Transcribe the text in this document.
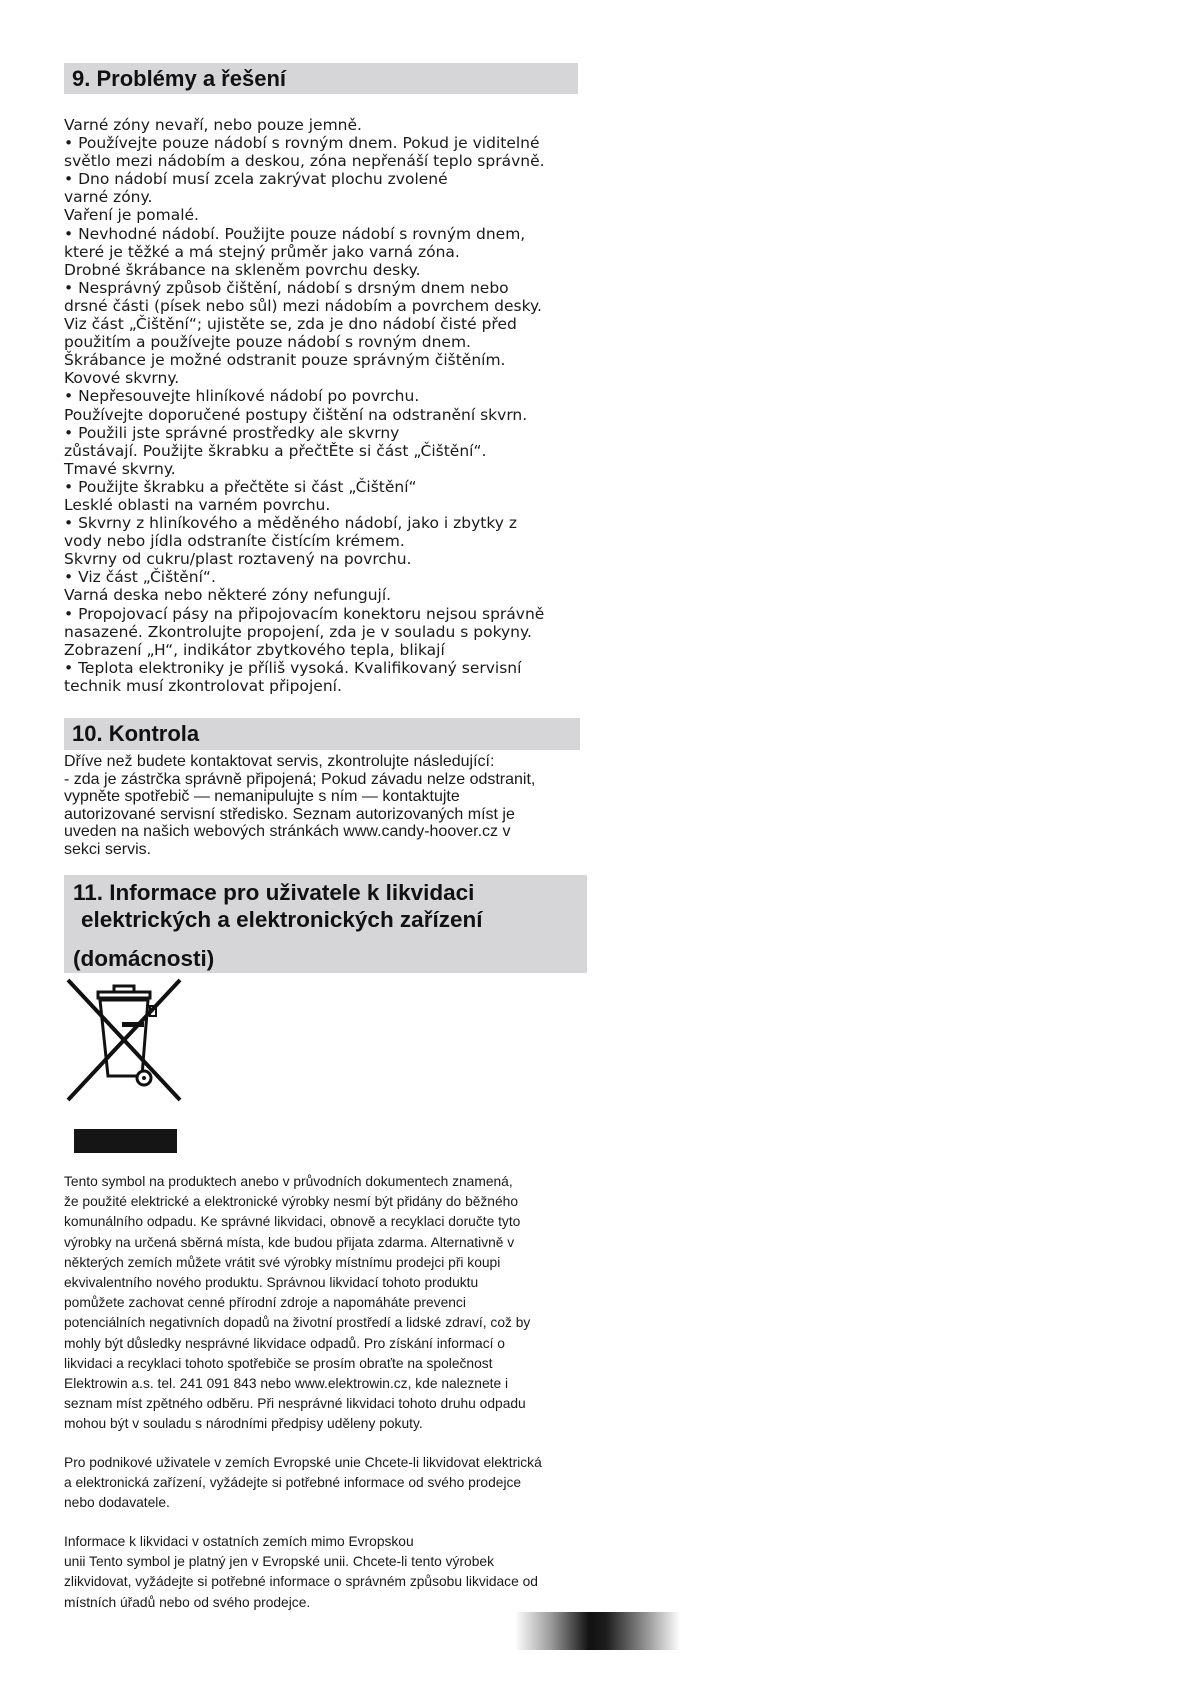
9. Problémy a řešení
Varné zóny nevaří, nebo pouze jemně.
• Používejte pouze nádobí s rovným dnem. Pokud je viditelné
světlo mezi nádobím a deskou, zóna nepřenáší teplo správně.
• Dno nádobí musí zcela zakrývat plochu zvolené
varné zóny.
Vaření je pomalé.
• Nevhodné nádobí. Použijte pouze nádobí s rovným dnem,
které je těžké a má stejný průměr jako varná zóna.
Drobné škrábance na skleněm povrchu desky.
• Nesprávný způsob čištění, nádobí s drsným dnem nebo
drsné části (písek nebo sůl) mezi nádobím a povrchem desky.
Viz část „Čištění“; ujistěte se, zda je dno nádobí čisté před
použitím a používejte pouze nádobí s rovným dnem.
Škrábance je možné odstranit pouze správným čištěním.
Kovové skvrny.
• Nepřesouvejte hliníkové nádobí po povrchu.
Používejte doporučené postupy čištění na odstranění skvrn.
• Použili jste správné prostředky ale skvrny
zůstávají. Použijte škrabku a přečtĚte si část „Čištění“.
Tmavé skvrny.
• Použijte škrabku a přečtěte si část „Čištění“
Lesklé oblasti na varném povrchu.
• Skvrny z hliníkového a měděného nádobí, jako i zbytky z
vody nebo jídla odstraníte čistícím krémem.
Skvrny od cukru/plast roztavený na povrchu.
• Viz část „Čištění“.
Varná deska nebo některé zóny nefungují.
• Propojovací pásy na připojovacím konektoru nejsou správně
nasazené. Zkontrolujte propojení, zda je v souladu s pokyny.
Zobrazení „H“, indikátor zbytkového tepla, blikají
• Teplota elektroniky je příliš vysoká. Kvalifikovaný servisní
technik musí zkontrolovat připojení.
10. Kontrola
Dříve než budete kontaktovat servis, zkontrolujte následující:
- zda je zástrčka správně připojená; Pokud závadu nelze odstranit,
vypněte spotřebič — nemanipulujte s ním — kontaktujte
autorizované servisní středisko. Seznam autorizovaných míst je
uveden na našich webových stránkách www.candy-hoover.cz v
sekci servis.
11. Informace pro uživatele k likvidaci
elektrických a elektronických zařízení
(domácnosti)
Tento symbol na produktech anebo v průvodních dokumentech znamená,
že použité elektrické a elektronické výrobky nesmí být přidány do běžného
komunálního odpadu. Ke správné likvidaci, obnově a recyklaci doručte tyto
výrobky na určená sběrná místa, kde budou přijata zdarma. Alternativně v
některých zemích můžete vrátit své výrobky místnímu prodejci při koupi
ekvivalentního nového produktu. Správnou likvidací tohoto produktu
pomůžete zachovat cenné přírodní zdroje a napomáháte prevenci
potenciálních negativních dopadů na životní prostředí a lidské zdraví, což by
mohly být důsledky nesprávné likvidace odpadů. Pro získání informací o
likvidaci a recyklaci tohoto spotřebiče se prosím obraťte na společnost
Elektrowin a.s. tel. 241 091 843 nebo www.elektrowin.cz, kde naleznete i
seznam míst zpětného odběru. Při nesprávné likvidaci tohoto druhu odpadu
mohou být v souladu s národními předpisy uděleny pokuty.
Pro podnikové uživatele v zemích Evropské unie Chcete-li likvidovat elektrická
a elektronická zařízení, vyžádejte si potřebné informace od svého prodejce
nebo dodavatele.
Informace k likvidaci v ostatních zemích mimo Evropskou
unii Tento symbol je platný jen v Evropské unii. Chcete-li tento výrobek
zlikvidovat, vyžádejte si potřebné informace o správném způsobu likvidace od
místních úřadů nebo od svého prodejce.
